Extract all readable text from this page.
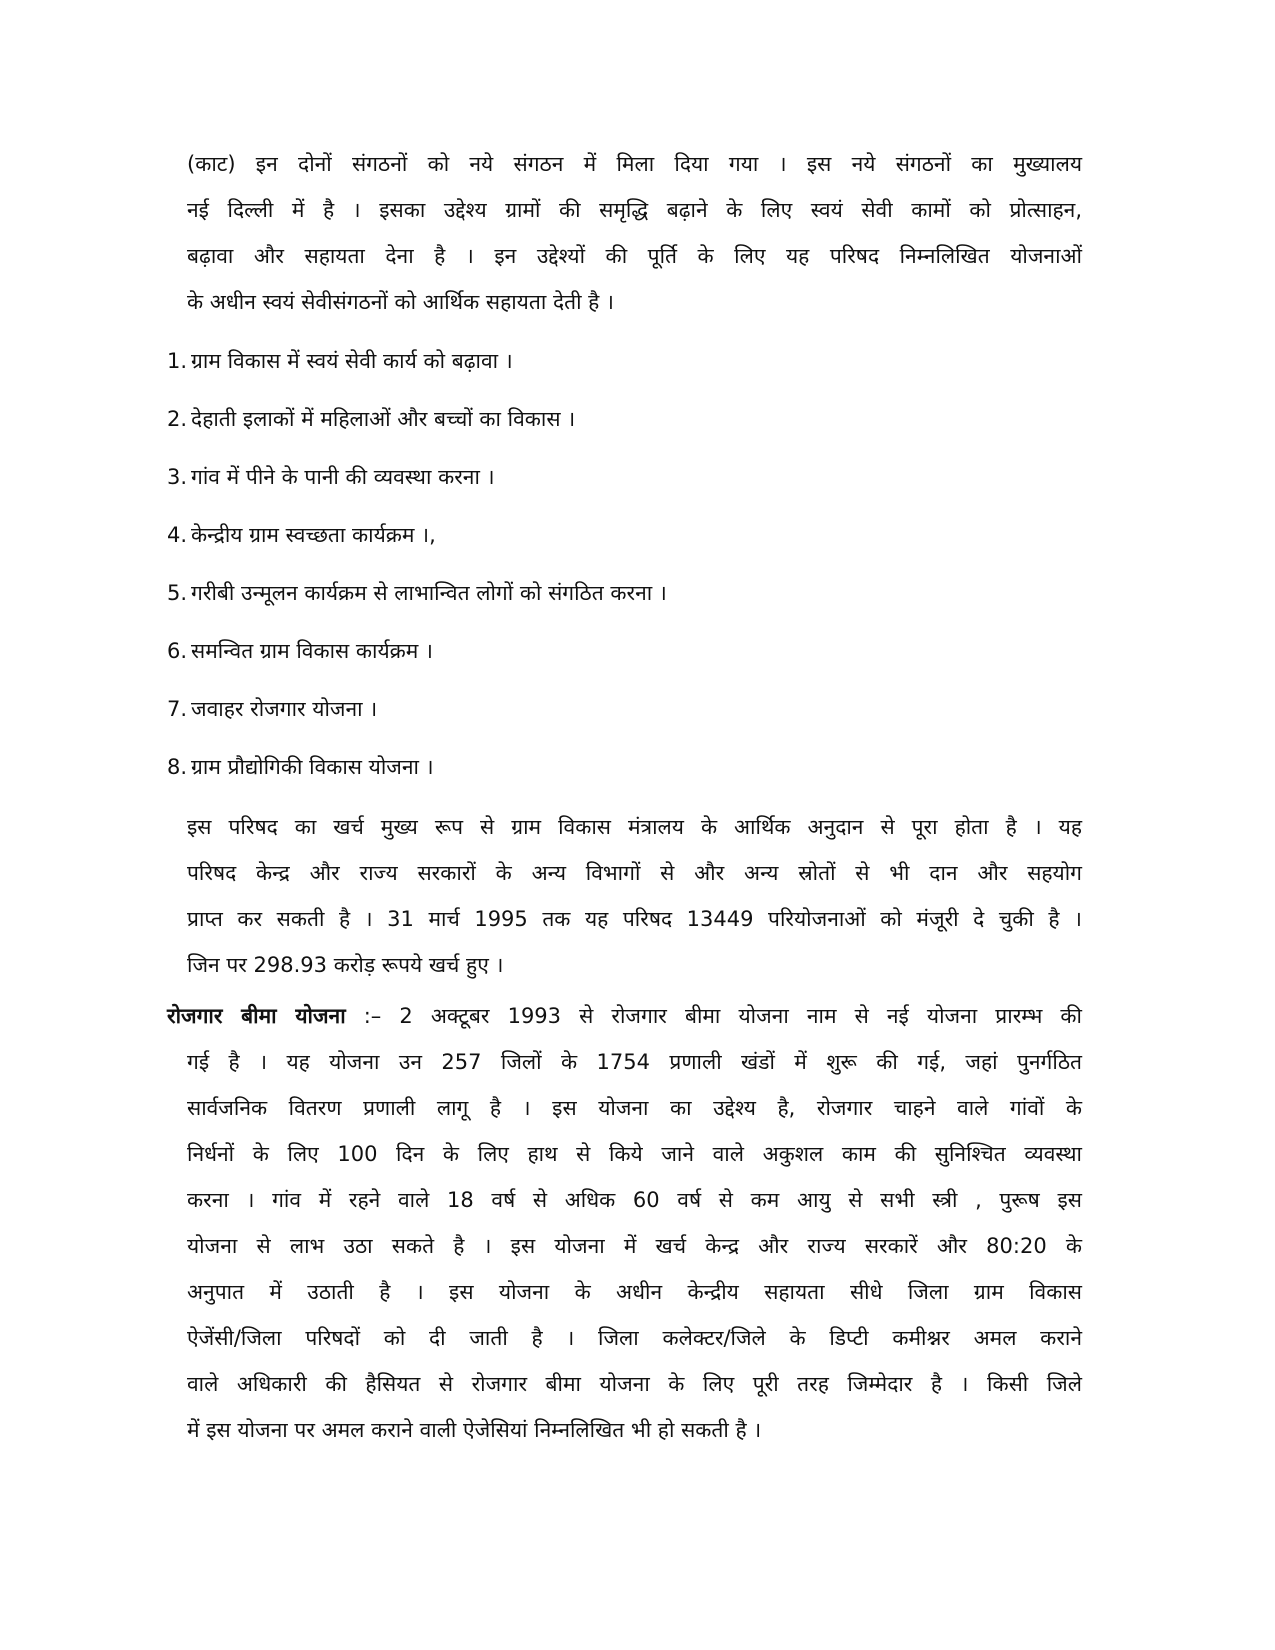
(काट) इन दोनों संगठनों को नये संगठन में मिला दिया गया । इस नये संगठनों का मुख्यालय
नई दिल्ली में है । इसका उद्देश्य ग्रामों की समृद्धि बढ़ाने के लिए स्वयं सेवी कामों को प्रोत्साहन,
बढ़ावा और सहायता देना है । इन उद्देश्यों की पूर्ति के लिए यह परिषद निम्नलिखित योजनाओं
के अधीन स्वयं सेवीसंगठनों को आर्थिक सहायता देती है ।

1. ग्राम विकास में स्वयं सेवी कार्य को बढ़ावा ।
2. देहाती इलाकों में महिलाओं और बच्चों का विकास ।
3. गांव में पीने के पानी की व्यवस्था करना ।
4. केन्द्रीय ग्राम स्वच्छता कार्यक्रम ।,
5. गरीबी उन्मूलन कार्यक्रम से लाभान्वित लोगों को संगठित करना ।
6. समन्वित ग्राम विकास कार्यक्रम ।
7. जवाहर रोजगार योजना ।
8. ग्राम प्रौद्योगिकी विकास योजना ।

इस परिषद का खर्च मुख्य रूप से ग्राम विकास मंत्रालय के आर्थिक अनुदान से पूरा होता है । यह
परिषद केन्द्र और राज्य सरकारों के अन्य विभागों से और अन्य स्रोतों से भी दान और सहयोग
प्राप्त कर सकती है । 31 मार्च 1995 तक यह परिषद 13449 परियोजनाओं को मंजूरी दे चुकी है ।
जिन पर 298.93 करोड़ रूपये खर्च हुए ।

रोजगार बीमा योजना :– 2 अक्टूबर 1993 से रोजगार बीमा योजना नाम से नई योजना प्रारम्भ की
गई है । यह योजना उन 257 जिलों के 1754 प्रणाली खंडों में शुरू की गई, जहां पुनर्गठित
सार्वजनिक वितरण प्रणाली लागू है । इस योजना का उद्देश्य है, रोजगार चाहने वाले गांवों के
निर्धनों के लिए 100 दिन के लिए हाथ से किये जाने वाले अकुशल काम की सुनिश्चित व्यवस्था
करना । गांव में रहने वाले 18 वर्ष से अधिक 60 वर्ष से कम आयु से सभी स्त्री , पुरूष इस
योजना से लाभ उठा सकते है । इस योजना में खर्च केन्द्र और राज्य सरकारें और 80:20 के
अनुपात में उठाती है । इस योजना के अधीन केन्द्रीय सहायता सीधे जिला ग्राम विकास
ऐजेंसी/जिला परिषदों को दी जाती है । जिला कलेक्टर/जिले के डिप्टी कमीश्नर अमल कराने
वाले अधिकारी की हैसियत से रोजगार बीमा योजना के लिए पूरी तरह जिम्मेदार है । किसी जिले
में इस योजना पर अमल कराने वाली ऐजेसियां निम्नलिखित भी हो सकती है ।
